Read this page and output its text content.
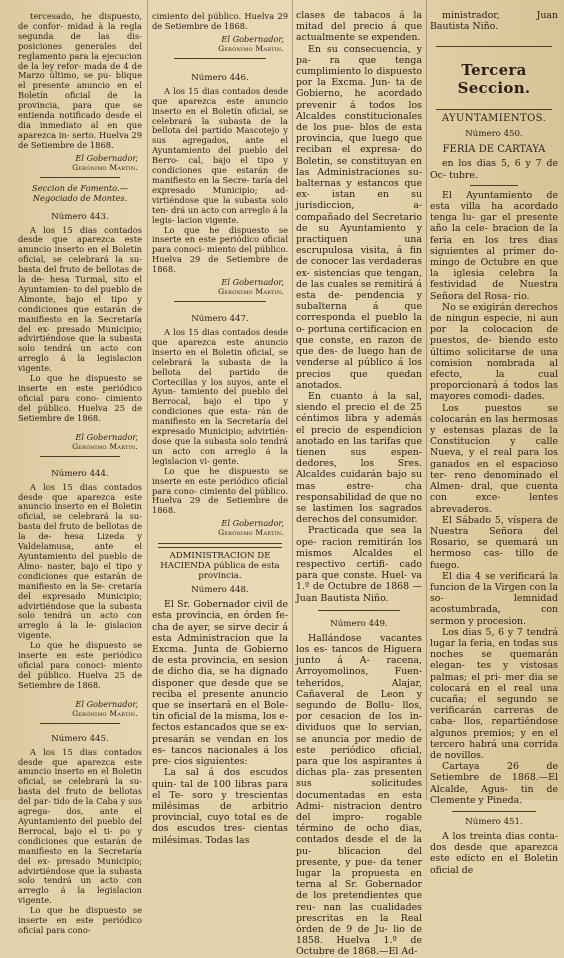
tercesado, he dispuesto, de confor- midad à la regla segunda de las dis- posiciones generales del reglamento para la ejecucion de la ley refor- mada de 4 de Marzo último, se pu- blique el presente anuncio en el Boletín oficial de la provincia, para que se entienda notificado desde el dia inmediato al en que aparezca in- serto. Huelva 29 de Setiembre de 1868.

El Gobernador,
Gerónimo Martin.

Seccion de Fomento.—Negociado de Montes.

Número 443.

A los 15 dias contados desde que aparezca este anuncio inserto en el Boletin oficial, se celebrará la su- basta del fruto de bellotas de la de- hesa Turmal, sito el Ayuntamien- to del pueblo de Almonte, bajo el tipo y condiciones que estarán de manifiesto en la Secretaría del ex- presado Municipio; advirtiéndose que la subasta solo tendrá un acto con arreglo á la legislacion vigente.

Lo que he dispuesto se inserte en este periódico oficial para cono- cimiento del público. Huelva 25 de Setiembre de 1868.

El Gobernador,
Gerónimo Martin.
Número 444.

A los 15 dias contados desde que aparezca este anuncio inserto en el Boletin oficial, se celebrará la su- basta del fruto de bellotas de la de- hesa Lizeda y Valdelamusa, ante el Ayuntamiento del pueblo de Almo- naster, bajo el tipo y condiciones que estarán de manifiesto en la Se- cretaría del expresado Municipio; advirtiéndose que la subasta solo tendrá un acto con arreglo á la le- gislacion vigente.

Lo que he dispuesto se inserte en este periódico oficial para conoci- miento del público. Huelva 25 de Setiembre de 1868.

El Gobernador,
Gerónimo Martin.
Número 445.

A los 15 dias contados desde que aparezca este anuncio inserto en el Boletin oficial, se celebrará la su- basta del fruto de bellotas del par- tido de la Caba y sus agrega- dos, ante el Ayuntamiento del pueblo del Berrocal, bajo el ti- po y condiciones que estarán de manifiesto en la Secretaría del ex- presado Municipio; advirtiéndose que la subasta solo tendrá un acto con arreglo á la legislacion vigente.

Lo que he dispuesto se inserte en este periódico oficial para cono-

cimiento del público. Huelva 29 de Setiembre de 1868.

El Gobernador,
Gerónimo Martin.
Número 446.

A los 15 dias contados desde que aparezca este anuncio inserto en el Boletín oficial, se celebrará la subasta de la bellota del partido Mascotejo y sus agregados, ante el Ayuntamiento del pueblo del Berro- cal, bajo el tipo y condiciones que estarán de manifiesto en la Secre- taría del expresado Municipio; ad- virtiéndose que la subasta solo ten- drá un acto con arreglo á la legis- lacion vigente.

Lo que he dispuesto se inserte en este periódico oficial para conoci- miento del público. Huelva 29 de Setiembre de 1868.

El Gobernador,
Gerónimo Martin.
Número 447.

A los 15 dias contados desde que aparezca este anuncio inserto en el Boletin oficial, se celebrará la subasta de la bellota del partido de Cortecillas y los suyos, ante el Ayun- tamiento del pueblo del Berrocal, bajo el tipo y condiciones que esta- rán de manifiesto en la Secretaría del expresado Municipio; advirtién- dose que la subasta solo tendrá un acto con arreglo á la legislacion vi- gente.

Lo que he dispuesto se inserte en este periódico oficial para cono- cimiento del público. Huelva 29 de Setiembre de 1868.

El Gobernador,
Gerónimo Martin.

ADMINISTRACION DE HACIENDA pública de esta provincia.

Número 448.

El Sr. Gobernador civil de esta provincia, en órden fe- cha de ayer, se sirve decir á esta Administracion que la Excma. Junta de Gobierno de esta provincia, en sesion de dicho dia, se ha dignado disponer que desde que se reciba el presente anuncio que se insertará en el Bole- tin oficial de la misma, los e- fectos estancados que se ex- presarán se vendan en los es- tancos nacionales á los pre- cios siguientes:

La sal á dos escudos quin- tal de 100 libras para el Te- soro y trescientas milésimas de arbitrio provincial, cuyo total es de dos escudos tres- cientas milésimas. Todas las

clases de tabacos á la mitad del precio á que actualmente se expenden.

En su consecuencia, y pa- ra que tenga cumplimiento lo dispuesto por la Excma. Jun- ta de Gobierno, he acordado prevenir á todos los Alcaldes constitucionales de los pue- blos de esta provincia, que luego que reciban el expresa- do Boletin, se constituyan en las Administraciones su- balternas y estancos que ex- istan en su jurisdiccion, a- compañado del Secretario de su Ayuntamiento y practiquen una escrupulosa visita, á fin de conocer las verdaderas ex- sistencias que tengan, de las cuales se remitirá á esta de- pendencia y subalterna á que corresponda el pueblo la o- portuna certificacion en que conste, en razon de que des- de luego han de venderse al público á los precios que quedan anotados.

En cuanto á la sal, siendo el precio el de 25 céntimos libra y además el precio de espendicion anotado en las tarifas que tienen sus espen- dedores, los Sres. Alcaldes cuidarán bajo su mas estre- cha responsabilidad de que no se lastimen los sagrados derechos del consumidor.

Practicada que sea la ope- racion remitirán los mismos Alcaldes el respectivo certifi- cado para que conste. Huel- va 1.º de Octubre de 1868 —Juan Bautista Niño.

Número 449.

Hallándose vacantes los es- tancos de Higuera junto á A- racena, Arroyomolinos, Fuen- teheridos, Alajar, Cañaveral de Leon y segundo de Bollu- llos, por cesacion de los in- dividuos que lo servian, se anuncia por medio de este periódico oficial, para que los aspirantes á dichas pla- zas presenten sus solicitudes documentadas en esta Admi- nistracion dentro del impro- rogable término de ocho dias, contados desde el de la pu- blicacion del presente, y pue- da tener lugar la propuesta en terna al Sr. Gobernador de los pretendientes que reu- nan las cualidades prescritas en la Real órden de 9 de Ju- lio de 1858. Huelva 1.º de Octubre de 1868.—El Ad-

ministrador, Juan Bautista Niño.

Tercera Seccion.
AYUNTAMIENTOS.
Número 450.
FERIA DE CARTAYA

en los dias 5, 6 y 7 de Oc- tubre.

El Ayuntamiento de esta villa ha acordado tenga lu- gar el presente año la cele- bracion de la feria en los tres dias siguientes al primer do- mingo de Octubre en que la iglesia celebra la festividad de Nuestra Señora del Rosa- rio.

No se exigirán derechos de ningun especie, ni aun por la colocacion de puestos, de- biendo esto último solicitarse de una comision nombrada al efecto, la cual proporcionará á todos las mayores comodi- dades.

Los puestos se colocarán en las hermosas y estensas plazas de la Constitucion y calle Nueva, y el real para los ganados en el espacioso ter- reno denominado el Almen- dral, que cuenta con exce- lentes abrevaderos.

El Sábado 5, víspera de Nuestra Señora del Rosario, se quemará un hermoso cas- tillo de fuego.

El dia 4 se verificará la funcion de la Virgen con la so- lemnidad acostumbrada, con sermon y procesion.

Los dias 5, 6 y 7 tendrá lugar la feria, en todas sus noches se quemarán elegan- tes y vistosas palmas; el pri- mer dia se colocará en el real una cucaña; el segundo se verificarán carreras de caba- llos, repartiéndose algunos premios; y en el tercero habrá una corrida de novillos.

Cartaya 26 de Setiembre de 1868.—El Alcalde, Agus- tin de Clemente y Pineda.

Número 451.

A los treinta dias conta- dos desde que aparezca este edicto en el Boletin oficial de
